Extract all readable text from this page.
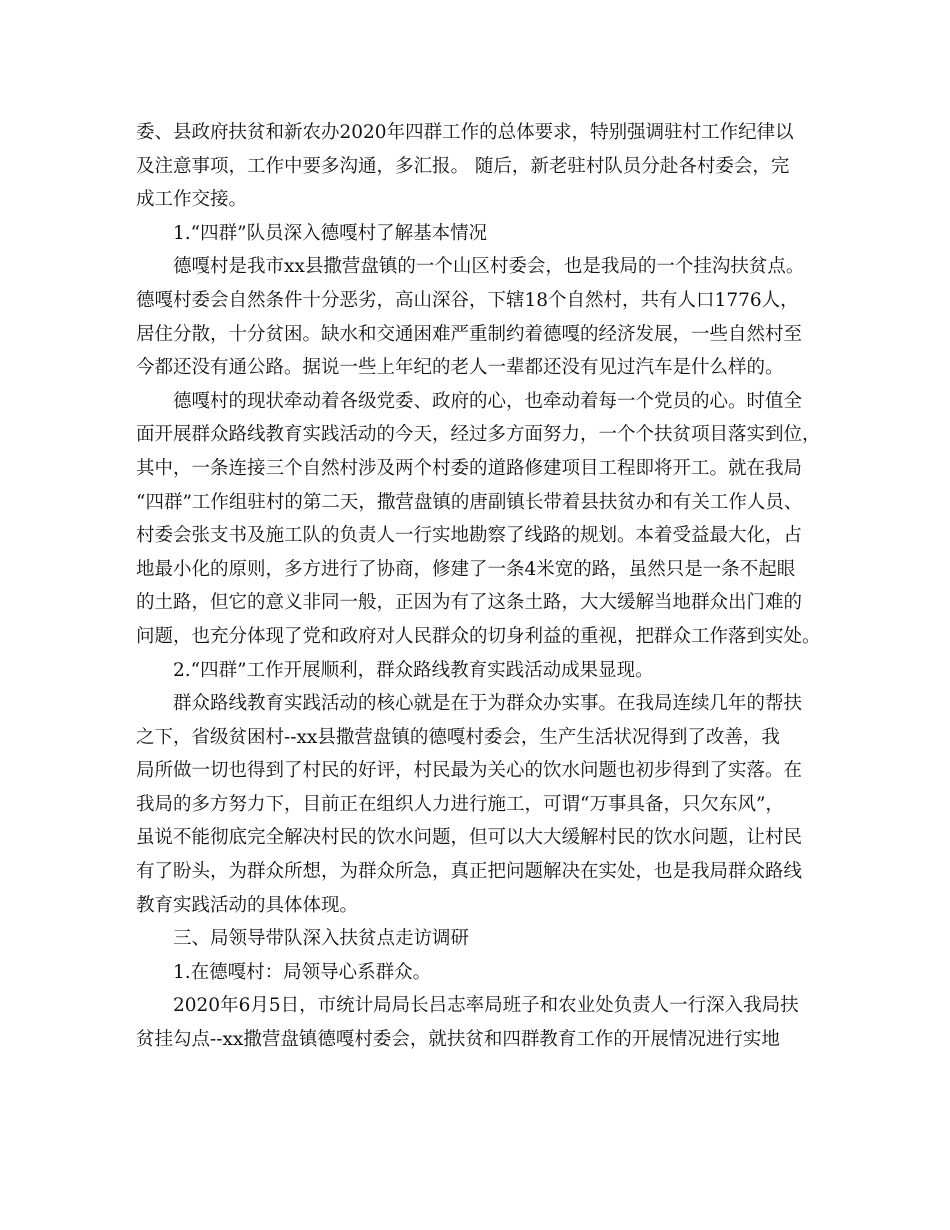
委、县政府扶贫和新农办2020年四群工作的总体要求，特别强调驻村工作纪律以
及注意事项，工作中要多沟通，多汇报。 随后，新老驻村队员分赴各村委会，完
成工作交接。
1.“四群”队员深入德嘎村了解基本情况
德嘎村是我市xx县撒营盘镇的一个山区村委会，也是我局的一个挂沟扶贫点。
德嘎村委会自然条件十分恶劣，高山深谷，下辖18个自然村，共有人口1776人，
居住分散，十分贫困。缺水和交通困难严重制约着德嘎的经济发展，一些自然村至
今都还没有通公路。据说一些上年纪的老人一辈都还没有见过汽车是什么样的。
德嘎村的现状牵动着各级党委、政府的心，也牵动着每一个党员的心。时值全
面开展群众路线教育实践活动的今天，经过多方面努力，一个个扶贫项目落实到位，
其中，一条连接三个自然村涉及两个村委的道路修建项目工程即将开工。就在我局
“四群”工作组驻村的第二天，撒营盘镇的唐副镇长带着县扶贫办和有关工作人员、
村委会张支书及施工队的负责人一行实地勘察了线路的规划。本着受益最大化，占
地最小化的原则，多方进行了协商，修建了一条4米宽的路，虽然只是一条不起眼
的土路，但它的意义非同一般，正因为有了这条土路，大大缓解当地群众出门难的
问题，也充分体现了党和政府对人民群众的切身利益的重视，把群众工作落到实处。
2.“四群”工作开展顺利，群众路线教育实践活动成果显现。
群众路线教育实践活动的核心就是在于为群众办实事。在我局连续几年的帮扶
之下，省级贫困村--xx县撒营盘镇的德嘎村委会，生产生活状况得到了改善，我
局所做一切也得到了村民的好评，村民最为关心的饮水问题也初步得到了实落。在
我局的多方努力下，目前正在组织人力进行施工，可谓“万事具备，只欠东风”，
虽说不能彻底完全解决村民的饮水问题，但可以大大缓解村民的饮水问题，让村民
有了盼头，为群众所想，为群众所急，真正把问题解决在实处，也是我局群众路线
教育实践活动的具体体现。
三、局领导带队深入扶贫点走访调研
1.在德嘎村：局领导心系群众。
2020年6月5日，市统计局局长吕志率局班子和农业处负责人一行深入我局扶
贫挂勾点--xx撒营盘镇德嘎村委会，就扶贫和四群教育工作的开展情况进行实地
